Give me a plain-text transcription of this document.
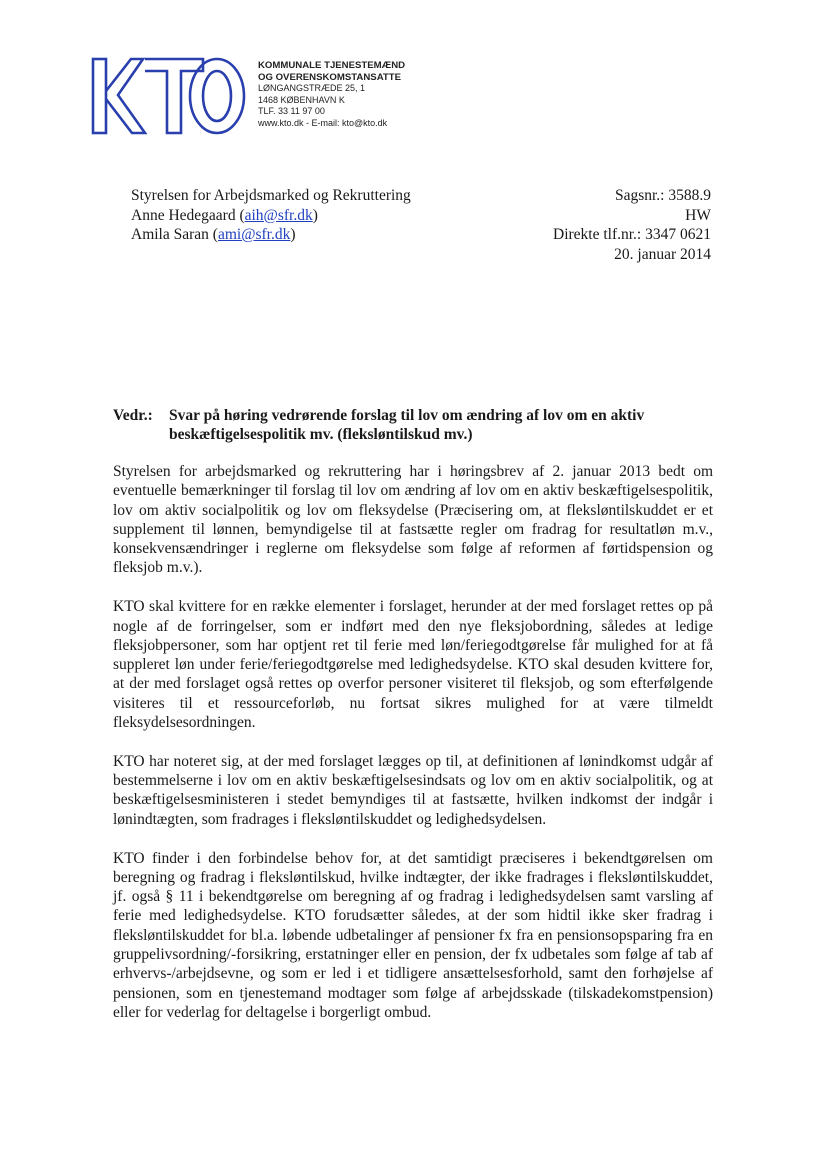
KOMMUNALE TJENESTEMÆND
OG OVERENSKOMSTANSATTE
LØNGANGSTRÆDE 25, 1
1468 KØBENHAVN K
TLF. 33 11 97 00
www.kto.dk - E-mail: kto@kto.dk
Styrelsen for Arbejdsmarked og Rekruttering
Anne Hedegaard (aih@sfr.dk)
Amila Saran (ami@sfr.dk)
Sagsnr.: 3588.9
HW
Direkte tlf.nr.: 3347 0621
20. januar 2014
Vedr.: Svar på høring vedrørende forslag til lov om ændring af lov om en aktiv
beskæftigelsespolitik mv. (fleksløntilskud mv.)

Styrelsen for arbejdsmarked og rekruttering har i høringsbrev af 2. januar 2013 bedt om eventuelle bemærkninger til forslag til lov om ændring af lov om en aktiv beskæftigelsespolitik, lov om aktiv socialpolitik og lov om fleksydelse (Præcisering om, at fleksløntilskuddet er et supplement til lønnen, bemyndigelse til at fastsætte regler om fradrag for resultatløn m.v., konsekvensændringer i reglerne om fleksydelse som følge af reformen af førtidspension og fleksjob m.v.).

KTO skal kvittere for en række elementer i forslaget, herunder at der med forslaget rettes op på nogle af de forringelser, som er indført med den nye fleksjobordning, således at ledige fleksjobpersoner, som har optjent ret til ferie med løn/feriegodtgørelse får mulighed for at få suppleret løn under ferie/feriegodtgørelse med ledighedsydelse. KTO skal desuden kvittere for, at der med forslaget også rettes op overfor personer visiteret til fleksjob, og som efterfølgende visiteres til et ressourceforløb, nu fortsat sikres mulighed for at være tilmeldt fleksydelsesordningen.

KTO har noteret sig, at der med forslaget lægges op til, at definitionen af lønindkomst udgår af bestemmelserne i lov om en aktiv beskæftigelsesindsats og lov om en aktiv socialpolitik, og at beskæftigelsesministeren i stedet bemyndiges til at fastsætte, hvilken indkomst der indgår i lønindtægten, som fradrages i fleksløntilskuddet og ledighedsydelsen.

KTO finder i den forbindelse behov for, at det samtidigt præciseres i bekendtgørelsen om beregning og fradrag i fleksløntilskud, hvilke indtægter, der ikke fradrages i fleksløntilskuddet, jf. også § 11 i bekendtgørelse om beregning af og fradrag i ledighedsydelsen samt varsling af ferie med ledighedsydelse. KTO forudsætter således, at der som hidtil ikke sker fradrag i fleksløntilskuddet for bl.a. løbende udbetalinger af pensioner fx fra en pensionsopsparing fra en gruppelivsordning/-forsikring, erstatninger eller en pension, der fx udbetales som følge af tab af erhvervs-/arbejdsevne, og som er led i et tidligere ansættelsesforhold, samt den forhøjelse af pensionen, som en tjenestemand modtager som følge af arbejdsskade (tilskadekomstpension) eller for vederlag for deltagelse i borgerligt ombud.
